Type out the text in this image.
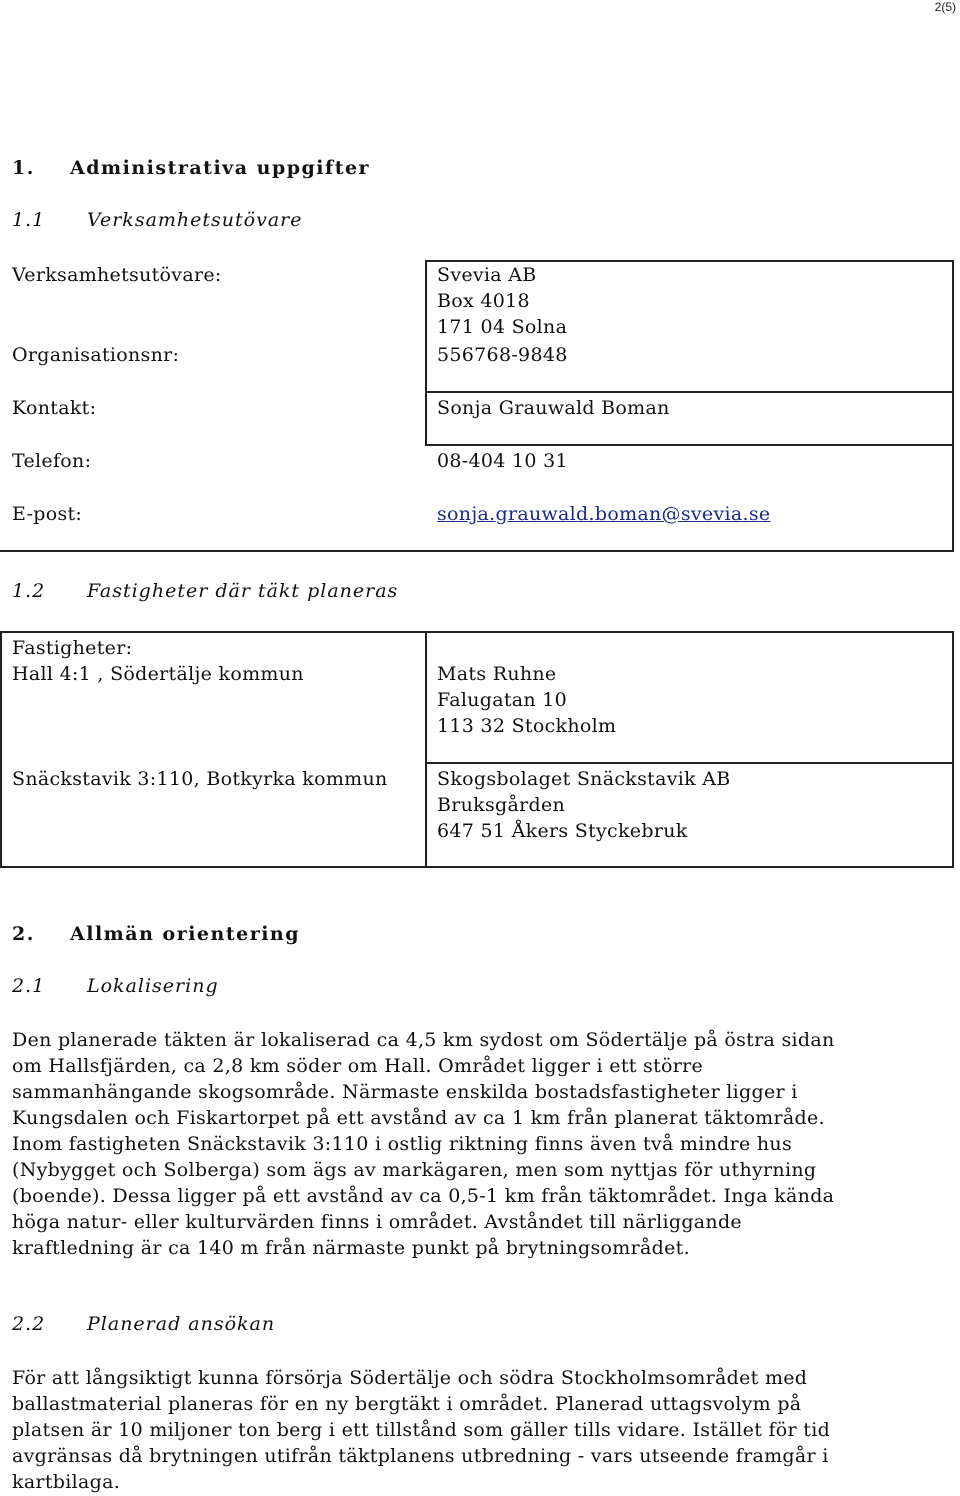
2(5)
1. Administrativa uppgifter
1.1 Verksamhetsutövare
Verksamhetsutövare:	Svevia AB
Box 4018
171 04 Solna
Organisationsnr:	556768-9848
Kontakt:	Sonja Grauwald Boman
Telefon:	08-404 10 31
E-post:	sonja.grauwald.boman@svevia.se
1.2 Fastigheter där täkt planeras
Fastigheter:
Hall 4:1 , Södertälje kommun	Mats Ruhne
Falugatan 10
113 32 Stockholm
Snäckstavik 3:110, Botkyrka kommun	Skogsbolaget Snäckstavik AB
Bruksgården
647 51 Åkers Styckebruk
2. Allmän orientering
2.1 Lokalisering
Den planerade täkten är lokaliserad ca 4,5 km sydost om Södertälje på östra sidan
om Hallsfjärden, ca 2,8 km söder om Hall. Området ligger i ett större
sammanhängande skogsområde. Närmaste enskilda bostadsfastigheter ligger i
Kungsdalen och Fiskartorpet på ett avstånd av ca 1 km från planerat täktområde.
Inom fastigheten Snäckstavik 3:110 i ostlig riktning finns även två mindre hus
(Nybygget och Solberga) som ägs av markägaren, men som nyttjas för uthyrning
(boende). Dessa ligger på ett avstånd av ca 0,5-1 km från täktområdet. Inga kända
höga natur- eller kulturvärden finns i området. Avståndet till närliggande
kraftledning är ca 140 m från närmaste punkt på brytningsområdet.
2.2 Planerad ansökan
För att långsiktigt kunna försörja Södertälje och södra Stockholmsområdet med
ballastmaterial planeras för en ny bergtäkt i området. Planerad uttagsvolym på
platsen är 10 miljoner ton berg i ett tillstånd som gäller tills vidare. Istället för tid
avgränsas då brytningen utifrån täktplanens utbredning - vars utseende framgår i
kartbilaga.
